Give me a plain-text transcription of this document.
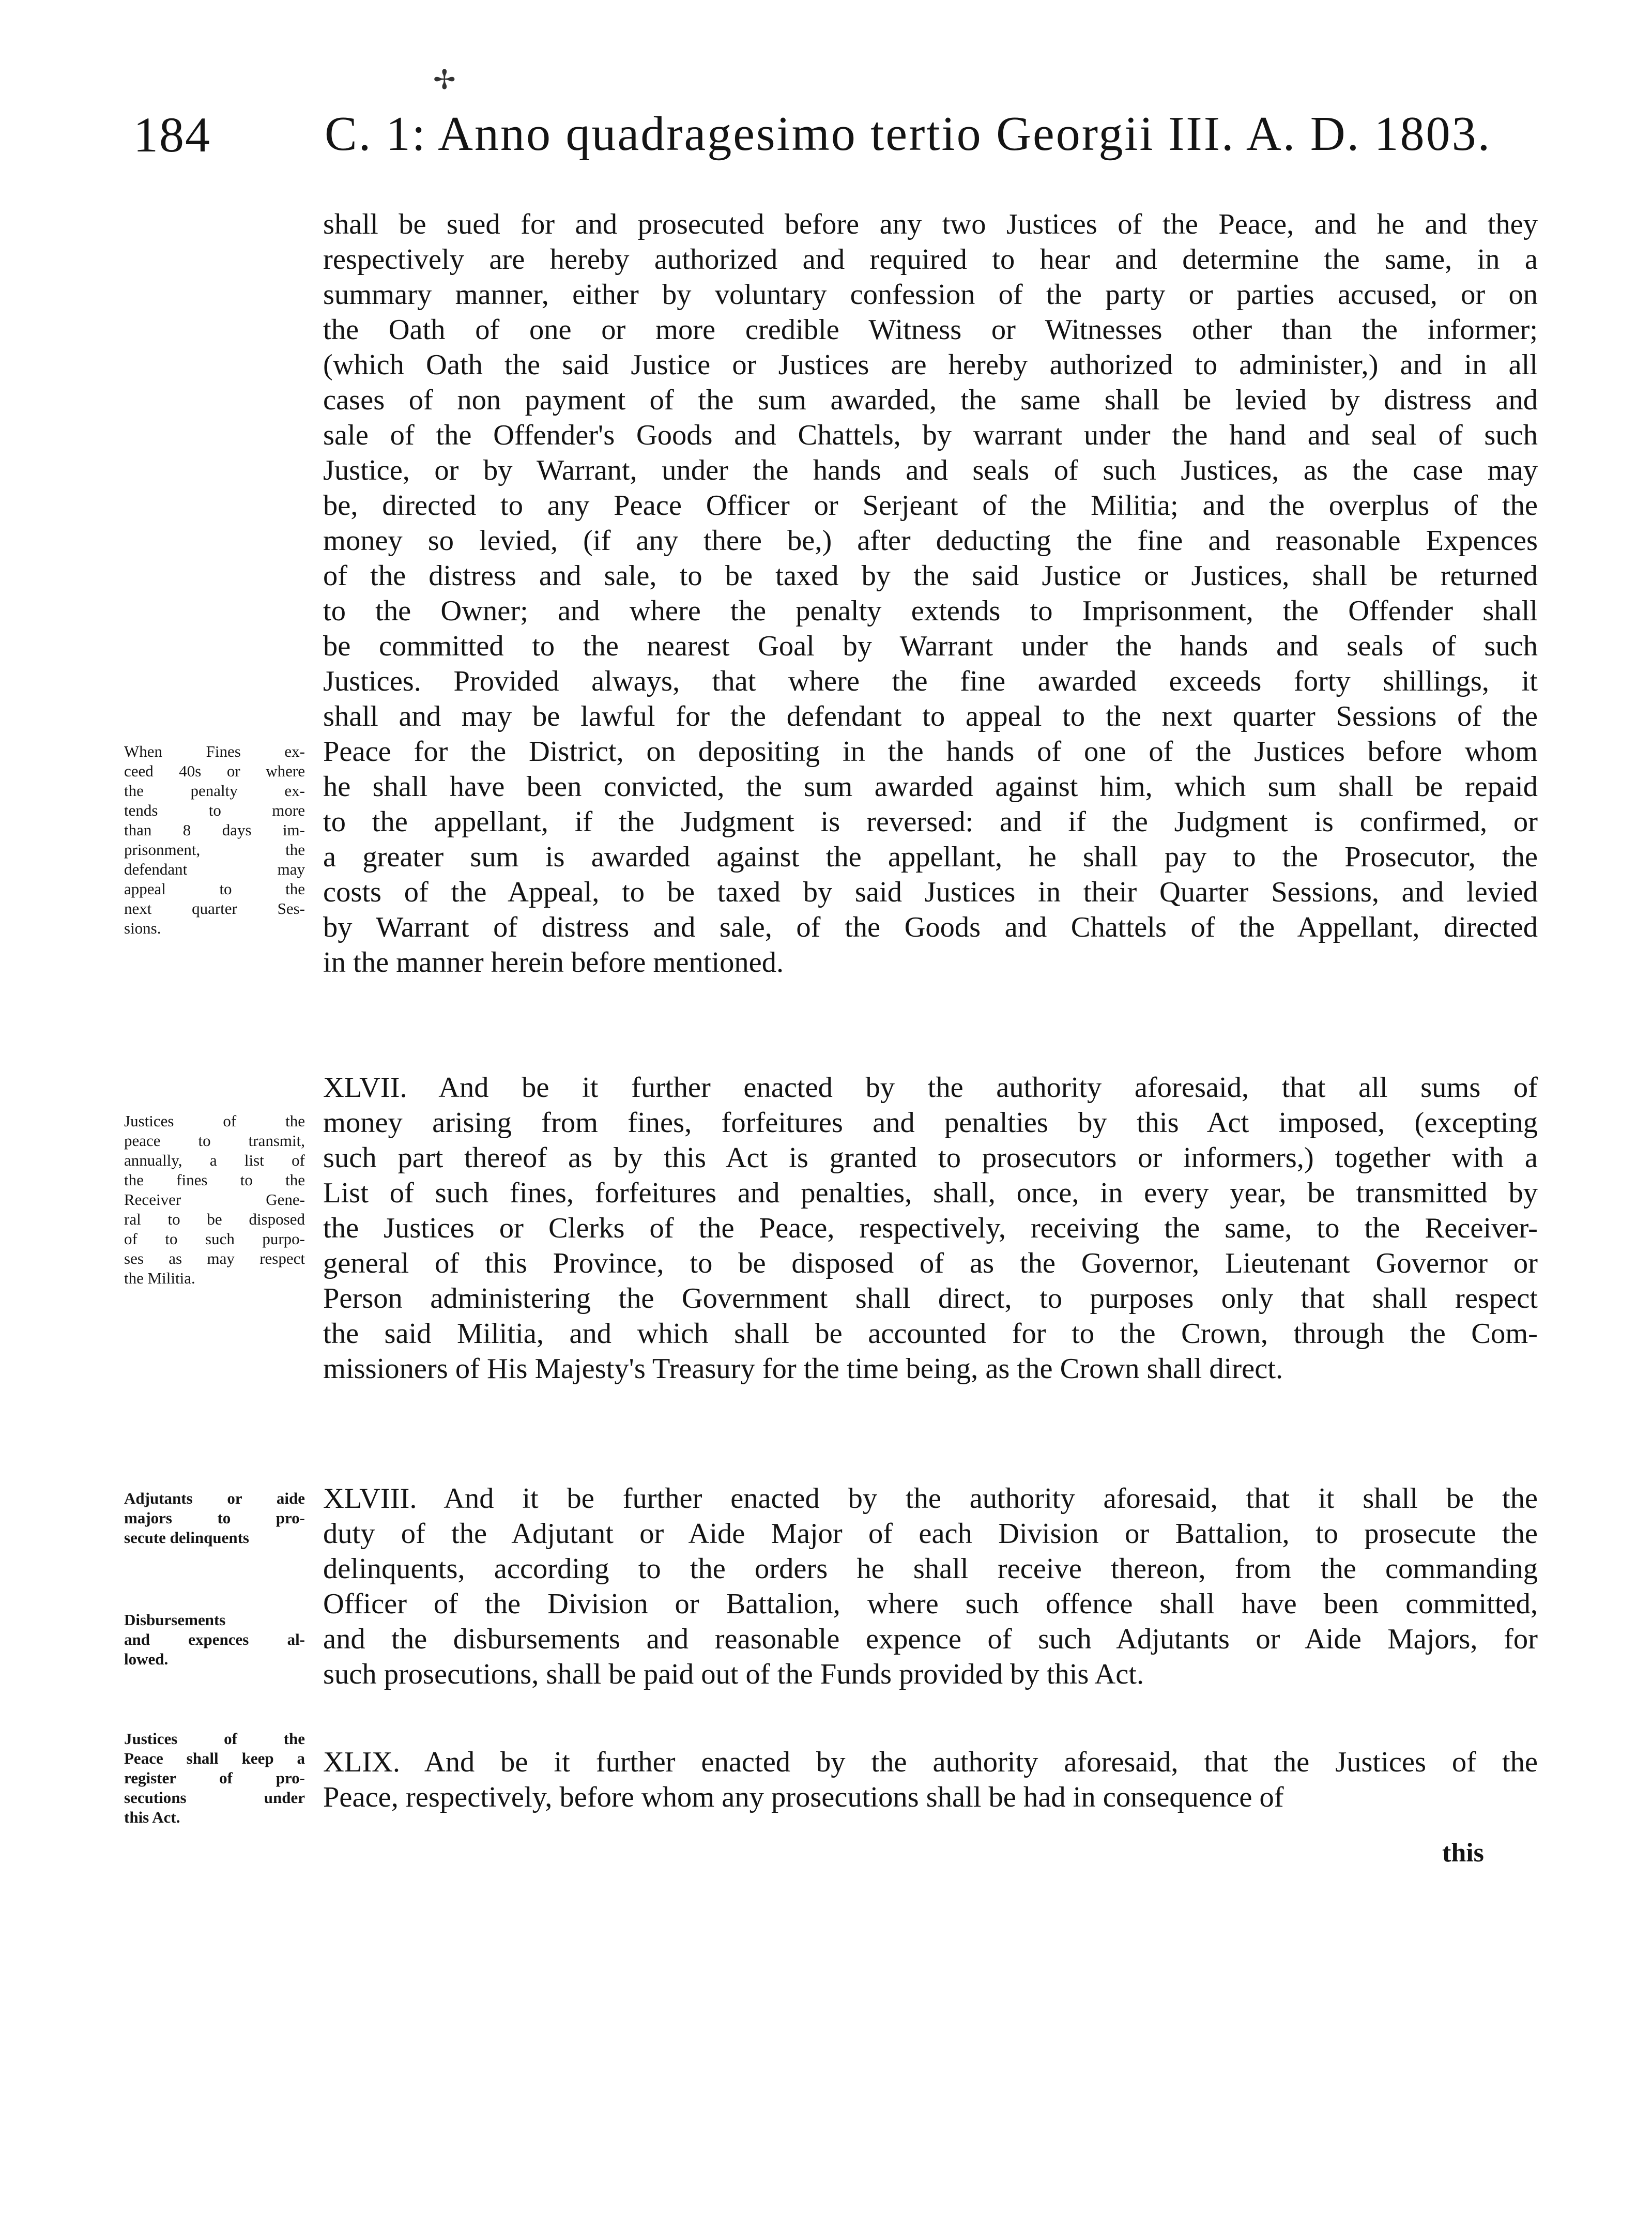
✢
184 C. 1: Anno quadragesimo tertio Georgii III. A. D. 1803.
shall be sued for and prosecuted before any two Justices of the Peace, and he and they
respectively are hereby authorized and required to hear and determine the same, in a
summary manner, either by voluntary confession of the party or parties accused, or on
the Oath of one or more credible Witness or Witnesses other than the informer;
(which Oath the said Justice or Justices are hereby authorized to administer,) and in all
cases of non payment of the sum awarded, the same shall be levied by distress and
sale of the Offender's Goods and Chattels, by warrant under the hand and seal of such
Justice, or by Warrant, under the hands and seals of such Justices, as the case may
be, directed to any Peace Officer or Serjeant of the Militia; and the overplus of the
money so levied, (if any there be,) after deducting the fine and reasonable Expences
of the distress and sale, to be taxed by the said Justice or Justices, shall be returned
to the Owner; and where the penalty extends to Imprisonment, the Offender shall
be committed to the nearest Goal by Warrant under the hands and seals of such
Justices. Provided always, that where the fine awarded exceeds forty shillings, it
shall and may be lawful for the defendant to appeal to the next quarter Sessions of the
Peace for the District, on depositing in the hands of one of the Justices before whom
he shall have been convicted, the sum awarded against him, which sum shall be repaid
to the appellant, if the Judgment is reversed: and if the Judgment is confirmed, or
a greater sum is awarded against the appellant, he shall pay to the Prosecutor, the
costs of the Appeal, to be taxed by said Justices in their Quarter Sessions, and levied
by Warrant of distress and sale, of the Goods and Chattels of the Appellant, directed
in the manner herein before mentioned.
When Fines ex-
ceed 40s or where
the penalty ex-
tends to more
than 8 days im-
prisonment, the
defendant may
appeal to the
next quarter Ses-
sions.
XLVII. And be it further enacted by the authority aforesaid, that all sums of
money arising from fines, forfeitures and penalties by this Act imposed, (excepting
such part thereof as by this Act is granted to prosecutors or informers,) together with a
List of such fines, forfeitures and penalties, shall, once, in every year, be transmitted by
the Justices or Clerks of the Peace, respectively, receiving the same, to the Receiver-
general of this Province, to be disposed of as the Governor, Lieutenant Governor or
Person administering the Government shall direct, to purposes only that shall respect
the said Militia, and which shall be accounted for to the Crown, through the Com-
missioners of His Majesty's Treasury for the time being, as the Crown shall direct.
Justices of the
peace to transmit,
annually, a list of
the fines to the
Receiver Gene-
ral to be disposed
of to such purpo-
ses as may respect
the Militia.
XLVIII. And it be further enacted by the authority aforesaid, that it shall be the
duty of the Adjutant or Aide Major of each Division or Battalion, to prosecute the
delinquents, according to the orders he shall receive thereon, from the commanding
Officer of the Division or Battalion, where such offence shall have been committed,
and the disbursements and reasonable expence of such Adjutants or Aide Majors, for
such prosecutions, shall be paid out of the Funds provided by this Act.
Adjutants or aide
majors to pro-
secute delinquents
Disbursements
and expences al-
lowed.
XLIX. And be it further enacted by the authority aforesaid, that the Justices of the
Peace, respectively, before whom any prosecutions shall be had in consequence of
Justices of the
Peace shall keep a
register of pro-
secutions under
this Act.
this
